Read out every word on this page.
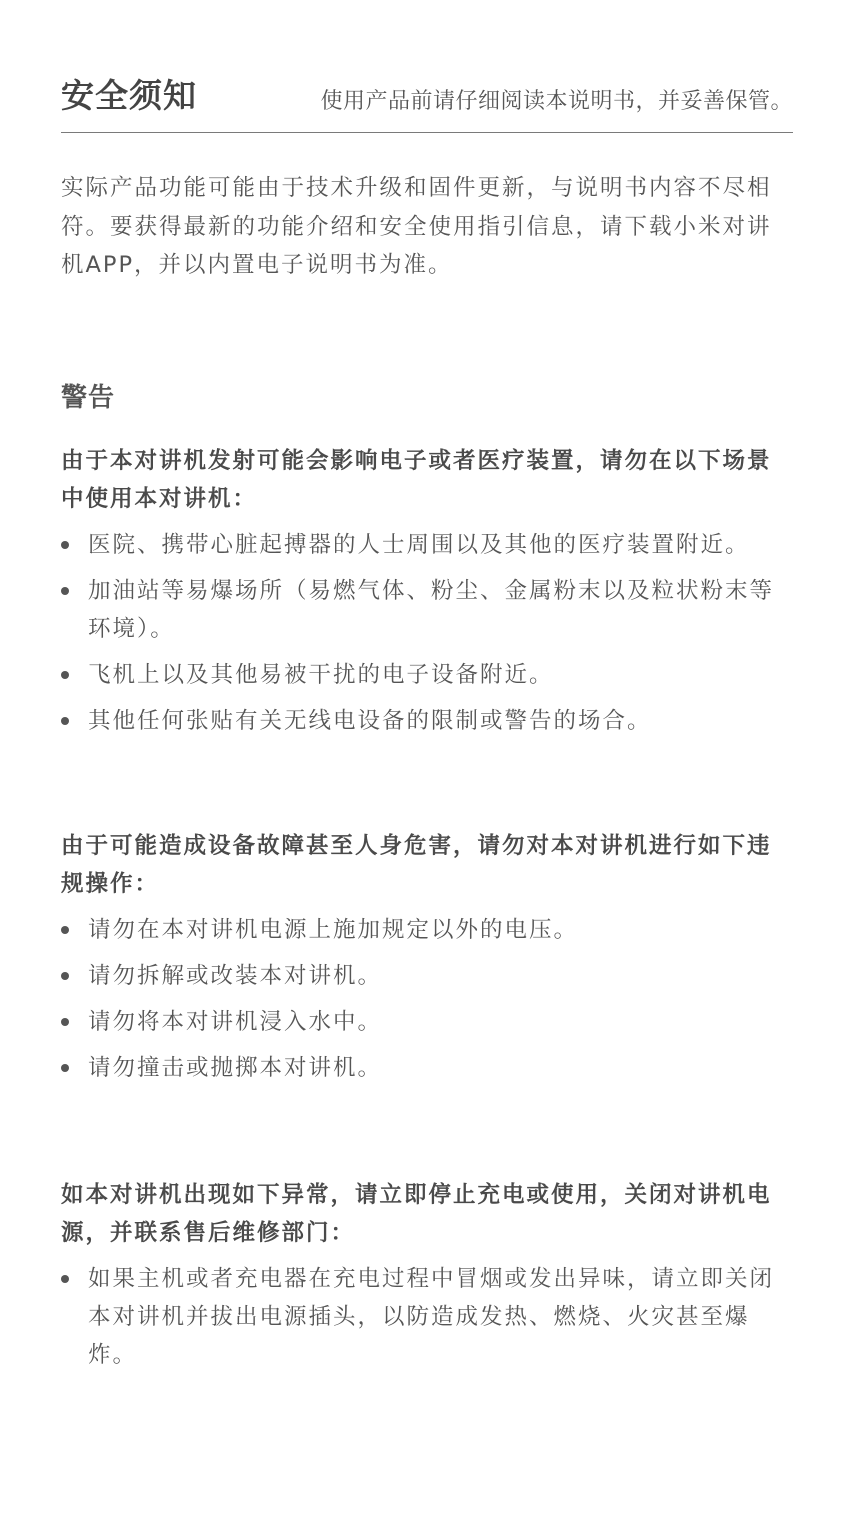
安全须知	使用产品前请仔细阅读本说明书，并妥善保管。
实际产品功能可能由于技术升级和固件更新，与说明书内容不尽相符。要获得最新的功能介绍和安全使用指引信息，请下载小米对讲机APP，并以内置电子说明书为准。
警告
由于本对讲机发射可能会影响电子或者医疗装置，请勿在以下场景中使用本对讲机：
医院、携带心脏起搏器的人士周围以及其他的医疗装置附近。
加油站等易爆场所（易燃气体、粉尘、金属粉末以及粒状粉末等环境）。
飞机上以及其他易被干扰的电子设备附近。
其他任何张贴有关无线电设备的限制或警告的场合。
由于可能造成设备故障甚至人身危害，请勿对本对讲机进行如下违规操作：
请勿在本对讲机电源上施加规定以外的电压。
请勿拆解或改装本对讲机。
请勿将本对讲机浸入水中。
请勿撞击或抛掷本对讲机。
如本对讲机出现如下异常，请立即停止充电或使用，关闭对讲机电源，并联系售后维修部门：
如果主机或者充电器在充电过程中冒烟或发出异味，请立即关闭本对讲机并拔出电源插头，以防造成发热、燃烧、火灾甚至爆炸。
